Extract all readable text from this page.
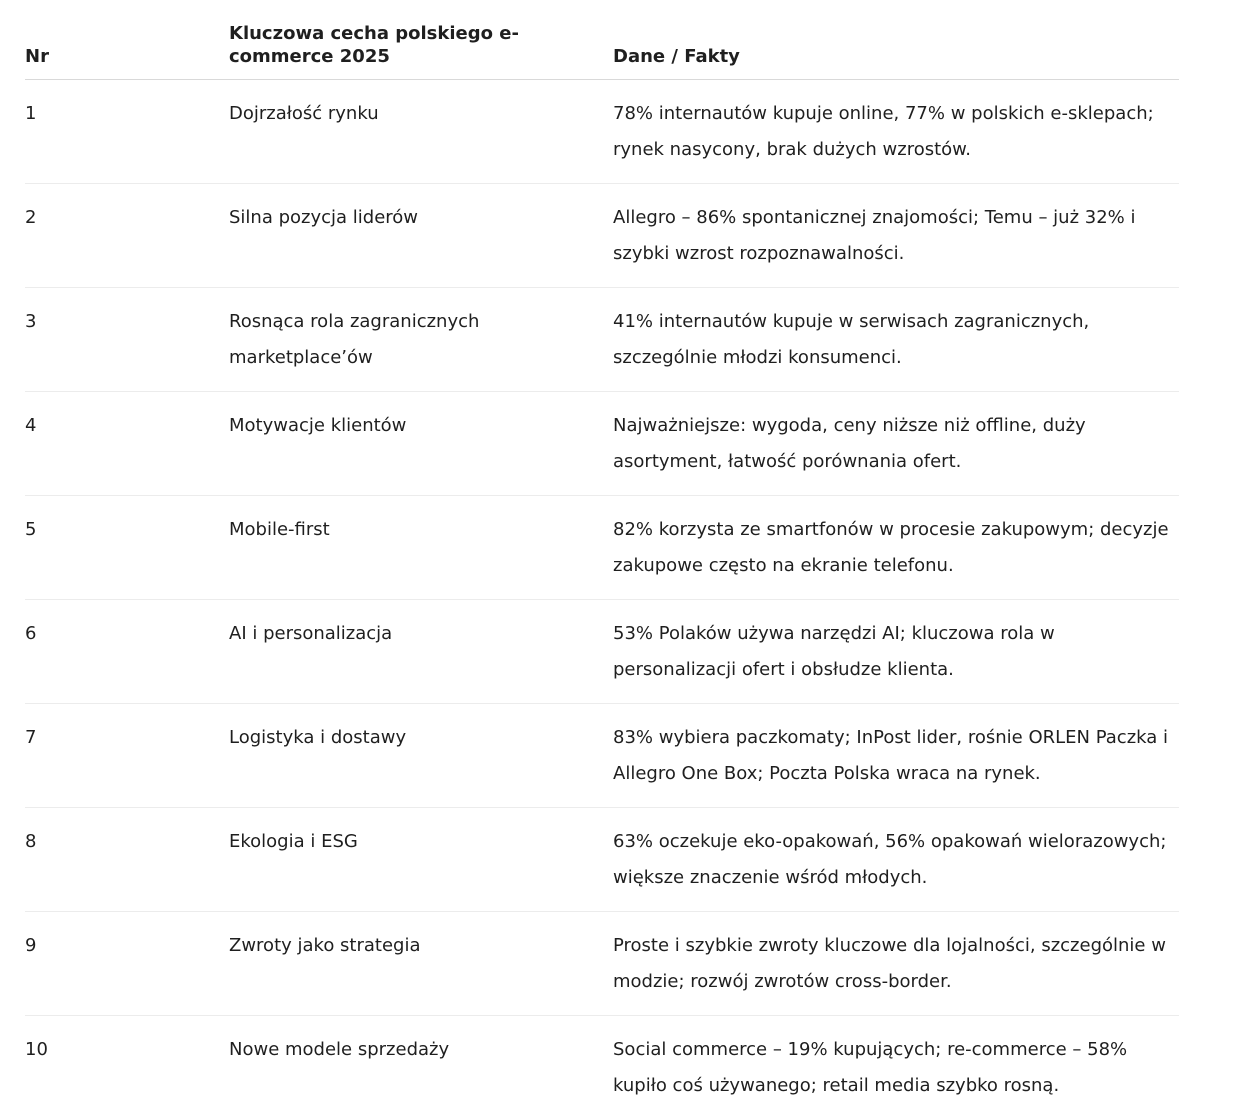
Nr	Kluczowa cecha polskiego e-commerce 2025	Dane / Fakty
1	Dojrzałość rynku	78% internautów kupuje online, 77% w polskich e-sklepach; rynek nasycony, brak dużych wzrostów.
2	Silna pozycja liderów	Allegro – 86% spontanicznej znajomości; Temu – już 32% i szybki wzrost rozpoznawalności.
3	Rosnąca rola zagranicznych marketplace’ów	41% internautów kupuje w serwisach zagranicznych, szczególnie młodzi konsumenci.
4	Motywacje klientów	Najważniejsze: wygoda, ceny niższe niż offline, duży asortyment, łatwość porównania ofert.
5	Mobile-first	82% korzysta ze smartfonów w procesie zakupowym; decyzje zakupowe często na ekranie telefonu.
6	AI i personalizacja	53% Polaków używa narzędzi AI; kluczowa rola w personalizacji ofert i obsłudze klienta.
7	Logistyka i dostawy	83% wybiera paczkomaty; InPost lider, rośnie ORLEN Paczka i Allegro One Box; Poczta Polska wraca na rynek.
8	Ekologia i ESG	63% oczekuje eko-opakowań, 56% opakowań wielorazowych; większe znaczenie wśród młodych.
9	Zwroty jako strategia	Proste i szybkie zwroty kluczowe dla lojalności, szczególnie w modzie; rozwój zwrotów cross-border.
10	Nowe modele sprzedaży	Social commerce – 19% kupujących; re-commerce – 58% kupiło coś używanego; retail media szybko rosną.
